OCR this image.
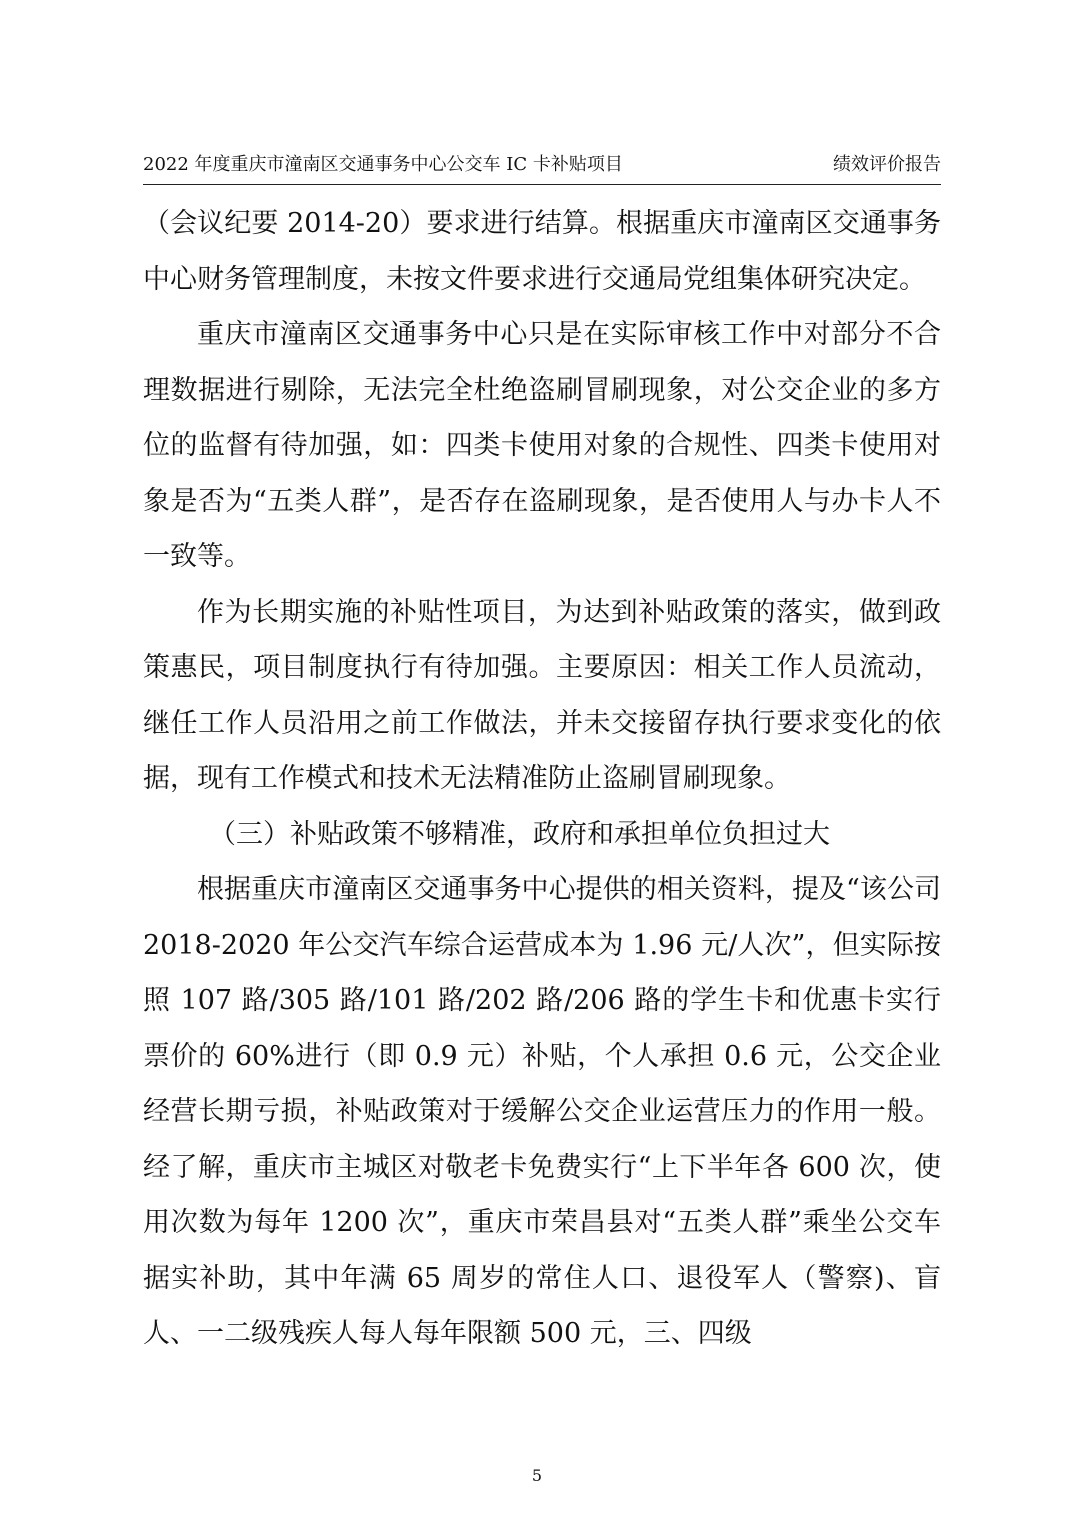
2022 年度重庆市潼南区交通事务中心公交车 IC 卡补贴项目	绩效评价报告

（会议纪要 2014-20）要求进行结算。根据重庆市潼南区交通事务中心财务管理制度，未按文件要求进行交通局党组集体研究决定。

重庆市潼南区交通事务中心只是在实际审核工作中对部分不合理数据进行剔除，无法完全杜绝盗刷冒刷现象，对公交企业的多方位的监督有待加强，如：四类卡使用对象的合规性、四类卡使用对象是否为“五类人群”，是否存在盗刷现象，是否使用人与办卡人不一致等。

作为长期实施的补贴性项目，为达到补贴政策的落实，做到政策惠民，项目制度执行有待加强。主要原因：相关工作人员流动，继任工作人员沿用之前工作做法，并未交接留存执行要求变化的依据，现有工作模式和技术无法精准防止盗刷冒刷现象。

（三）补贴政策不够精准，政府和承担单位负担过大

根据重庆市潼南区交通事务中心提供的相关资料，提及“该公司 2018-2020 年公交汽车综合运营成本为 1.96 元/人次”，但实际按照 107 路/305 路/101 路/202 路/206 路的学生卡和优惠卡实行票价的 60%进行（即 0.9 元）补贴，个人承担 0.6 元，公交企业经营长期亏损，补贴政策对于缓解公交企业运营压力的作用一般。经了解，重庆市主城区对敬老卡免费实行“上下半年各 600 次，使用次数为每年 1200 次”，重庆市荣昌县对“五类人群”乘坐公交车据实补助，其中年满 65 周岁的常住人口、退役军人（警察)、盲人、一二级残疾人每人每年限额 500 元，三、四级

5
